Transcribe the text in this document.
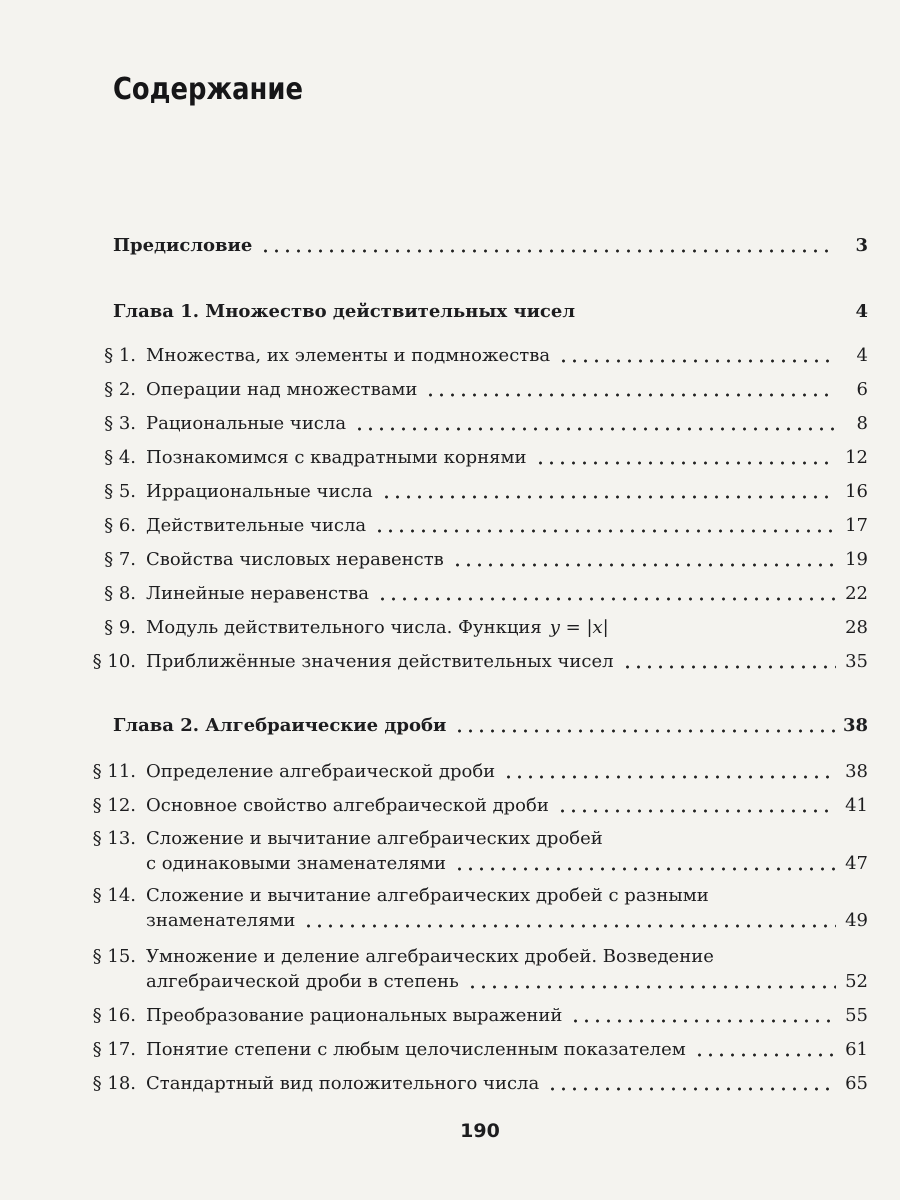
Содержание
Предисловие	3
Глава 1. Множество действительных чисел	4
§ 1. Множества, их элементы и подмножества	4
§ 2. Операции над множествами	6
§ 3. Рациональные числа	8
§ 4. Познакомимся с квадратными корнями	12
§ 5. Иррациональные числа	16
§ 6. Действительные числа	17
§ 7. Свойства числовых неравенств	19
§ 8. Линейные неравенства	22
§ 9. Модуль действительного числа. Функция y = |x|	28
§ 10. Приближённые значения действительных чисел	35
Глава 2. Алгебраические дроби	38
§ 11. Определение алгебраической дроби	38
§ 12. Основное свойство алгебраической дроби	41
§ 13. Сложение и вычитание алгебраических дробей
с одинаковыми знаменателями	47
§ 14. Сложение и вычитание алгебраических дробей с разными
знаменателями	49
§ 15. Умножение и деление алгебраических дробей. Возведение
алгебраической дроби в степень	52
§ 16. Преобразование рациональных выражений	55
§ 17. Понятие степени с любым целочисленным показателем	61
§ 18. Стандартный вид положительного числа	65
190
